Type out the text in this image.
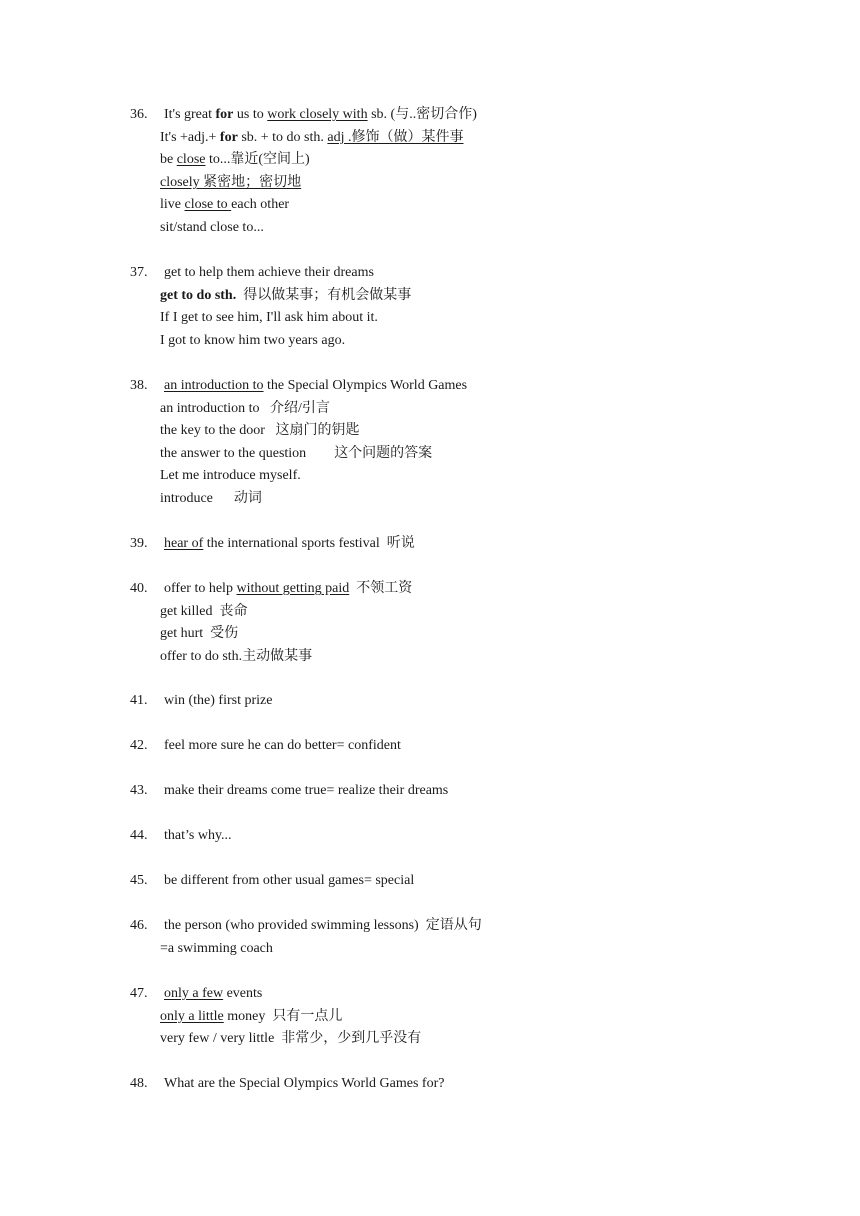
36. It's great for us to work closely with sb. (与..密切合作)
It's +adj.+ for sb. + to do sth. adj .修饰（做）某件事
be close to...靠近(空间上)
closely 紧密地；密切地
live close to each other
sit/stand close to...
37. get to help them achieve their dreams
get to do sth.  得以做某事；有机会做某事
If I get to see him, I'll ask him about it.
I got to know him two years ago.
38. an introduction to the Special Olympics World Games
an introduction to   介绍/引言
the key to the door   这扇门的钥匙
the answer to the question        这个问题的答案
Let me introduce myself.
introduce      动词
39. hear of the international sports festival  听说
40. offer to help without getting paid  不领工资
get killed  丧命
get hurt  受伤
offer to do sth.主动做某事
41. win (the) first prize
42. feel more sure he can do better= confident
43. make their dreams come true= realize their dreams
44. that’s why...
45. be different from other usual games= special
46. the person (who provided swimming lessons)  定语从句
=a swimming coach
47. only a few events
only a little money  只有一点儿
very few / very little  非常少，少到几乎没有
48. What are the Special Olympics World Games for?
